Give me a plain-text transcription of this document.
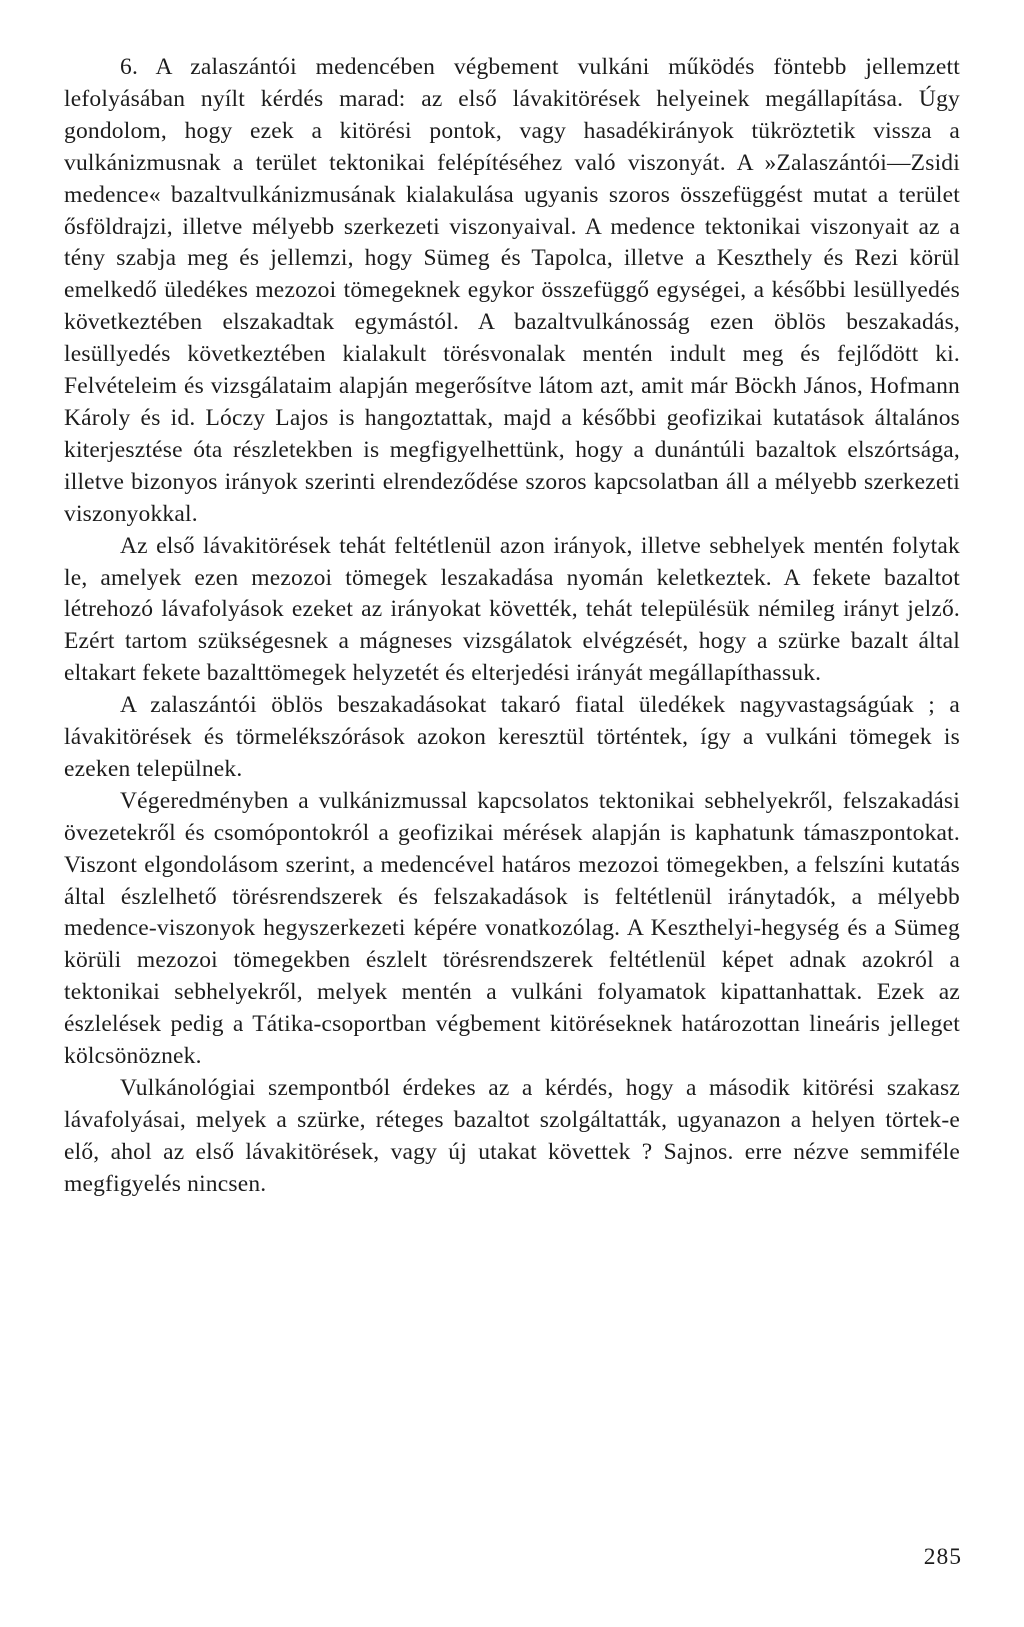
6. A zalaszántói medencében végbement vulkáni működés föntebb jellemzett lefolyásában nyílt kérdés marad: az első lávakitörések helyeinek megállapítása. Úgy gondolom, hogy ezek a kitörési pontok, vagy hasadékirányok tükröztetik vissza a vulkánizmusnak a terület tektonikai felépítéséhez való viszonyát. A »Zalaszántói—Zsidi medence« bazaltvulkánizmusának kialakulása ugyanis szoros összefüggést mutat a terület ősföldrajzi, illetve mélyebb szerkezeti viszonyaival. A medence tektonikai viszonyait az a tény szabja meg és jellemzi, hogy Sümeg és Tapolca, illetve a Keszthely és Rezi körül emelkedő üledékes mezozoi tömegeknek egykor összefüggő egységei, a későbbi lesüllyedés következtében elszakadtak egymástól. A bazaltvulkánosság ezen öblös beszakadás, lesüllyedés következtében kialakult törésvonalak mentén indult meg és fejlődött ki. Felvételeim és vizsgálataim alapján megerősítve látom azt, amit már Böckh János, Hofmann Károly és id. Lóczy Lajos is hangoztattak, majd a későbbi geofizikai kutatások általános kiterjesztése óta részletekben is megfigyelhettünk, hogy a dunántúli bazaltok elszórtsága, illetve bizonyos irányok szerinti elrendeződése szoros kapcsolatban áll a mélyebb szerkezeti viszonyokkal.

Az első lávakitörések tehát feltétlenül azon irányok, illetve sebhelyek mentén folytak le, amelyek ezen mezozoi tömegek leszakadása nyomán keletkeztek. A fekete bazaltot létrehozó lávafolyások ezeket az irányokat követték, tehát településük némileg irányt jelző. Ezért tartom szükségesnek a mágneses vizsgálatok elvégzését, hogy a szürke bazalt által eltakart fekete bazalttömegek helyzetét és elterjedési irányát megállapíthassuk.

A zalaszántói öblös beszakadásokat takaró fiatal üledékek nagyvastagságúak ; a lávakitörések és törmelékszórások azokon keresztül történtek, így a vulkáni tömegek is ezeken települnek.

Végeredményben a vulkánizmussal kapcsolatos tektonikai sebhelyekről, felszakadási övezetekről és csomópontokról a geofizikai mérések alapján is kaphatunk támaszpontokat. Viszont elgondolásom szerint, a medencével határos mezozoi tömegekben, a felszíni kutatás által észlelhető törésrendszerek és felszakadások is feltétlenül iránytadók, a mélyebb medence-viszonyok hegyszerkezeti képére vonatkozólag. A Keszthelyi-hegység és a Sümeg körüli mezozoi tömegekben észlelt törésrendszerek feltétlenül képet adnak azokról a tektonikai sebhelyekről, melyek mentén a vulkáni folyamatok kipattanhattak. Ezek az észlelések pedig a Tátika-csoportban végbement kitöréseknek határozottan lineáris jelleget kölcsönöznek.

Vulkánológiai szempontból érdekes az a kérdés, hogy a második kitörési szakasz lávafolyásai, melyek a szürke, réteges bazaltot szolgáltatták, ugyanazon a helyen törtek-e elő, ahol az első lávakitörések, vagy új utakat követtek ? Sajnos. erre nézve semmiféle megfigyelés nincsen.

285
